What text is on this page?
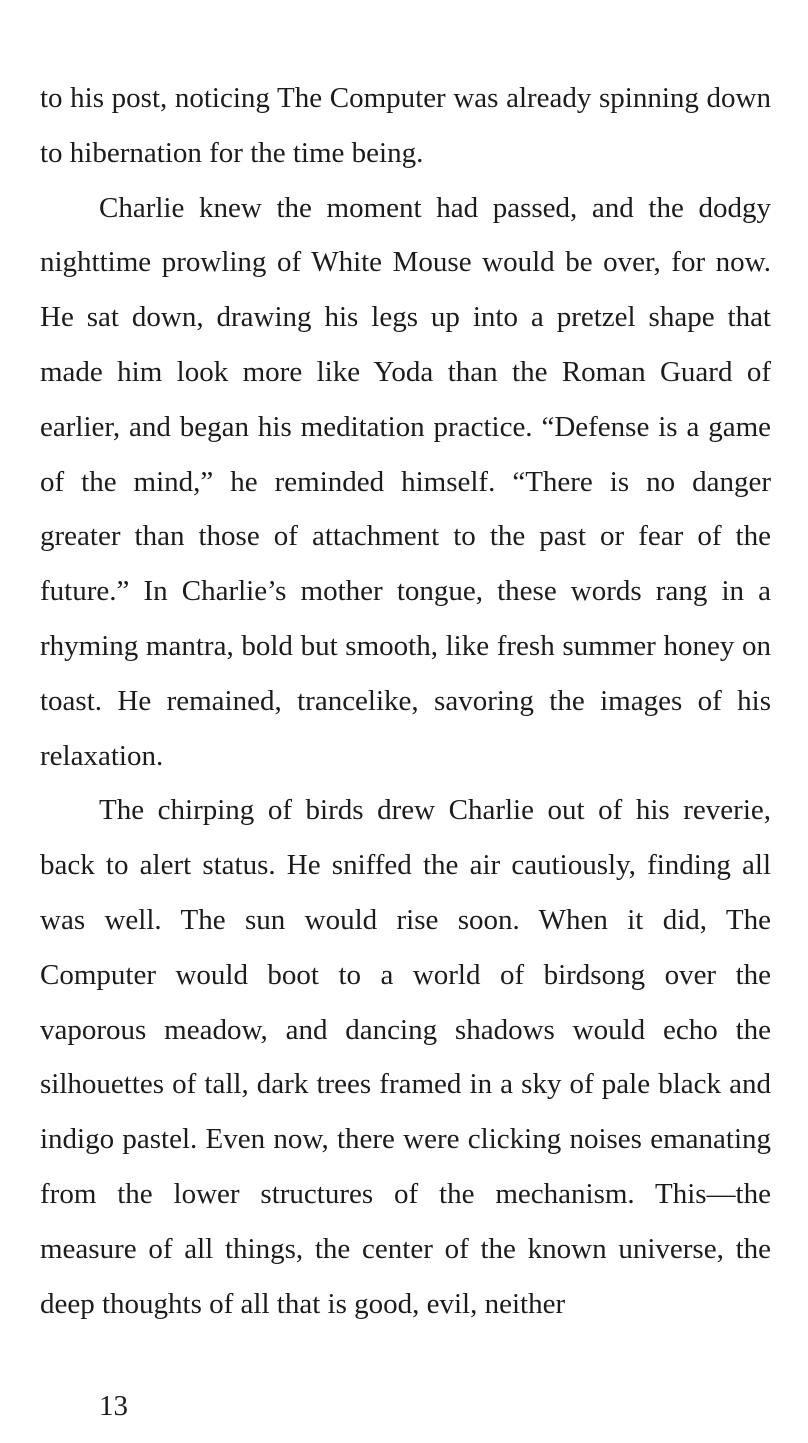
to his post, noticing The Computer was already spinning down to hibernation for the time being.

Charlie knew the moment had passed, and the dodgy nighttime prowling of White Mouse would be over, for now. He sat down, drawing his legs up into a pretzel shape that made him look more like Yoda than the Roman Guard of earlier, and began his meditation practice. “Defense is a game of the mind,” he reminded himself. “There is no danger greater than those of attachment to the past or fear of the future.” In Charlie’s mother tongue, these words rang in a rhyming mantra, bold but smooth, like fresh summer honey on toast. He remained, trancelike, savoring the images of his relaxation.

The chirping of birds drew Charlie out of his reverie, back to alert status. He sniffed the air cautiously, finding all was well. The sun would rise soon. When it did, The Computer would boot to a world of birdsong over the vaporous meadow, and dancing shadows would echo the silhouettes of tall, dark trees framed in a sky of pale black and indigo pastel. Even now, there were clicking noises emanating from the lower structures of the mechanism. This—the measure of all things, the center of the known universe, the deep thoughts of all that is good, evil, neither

13
